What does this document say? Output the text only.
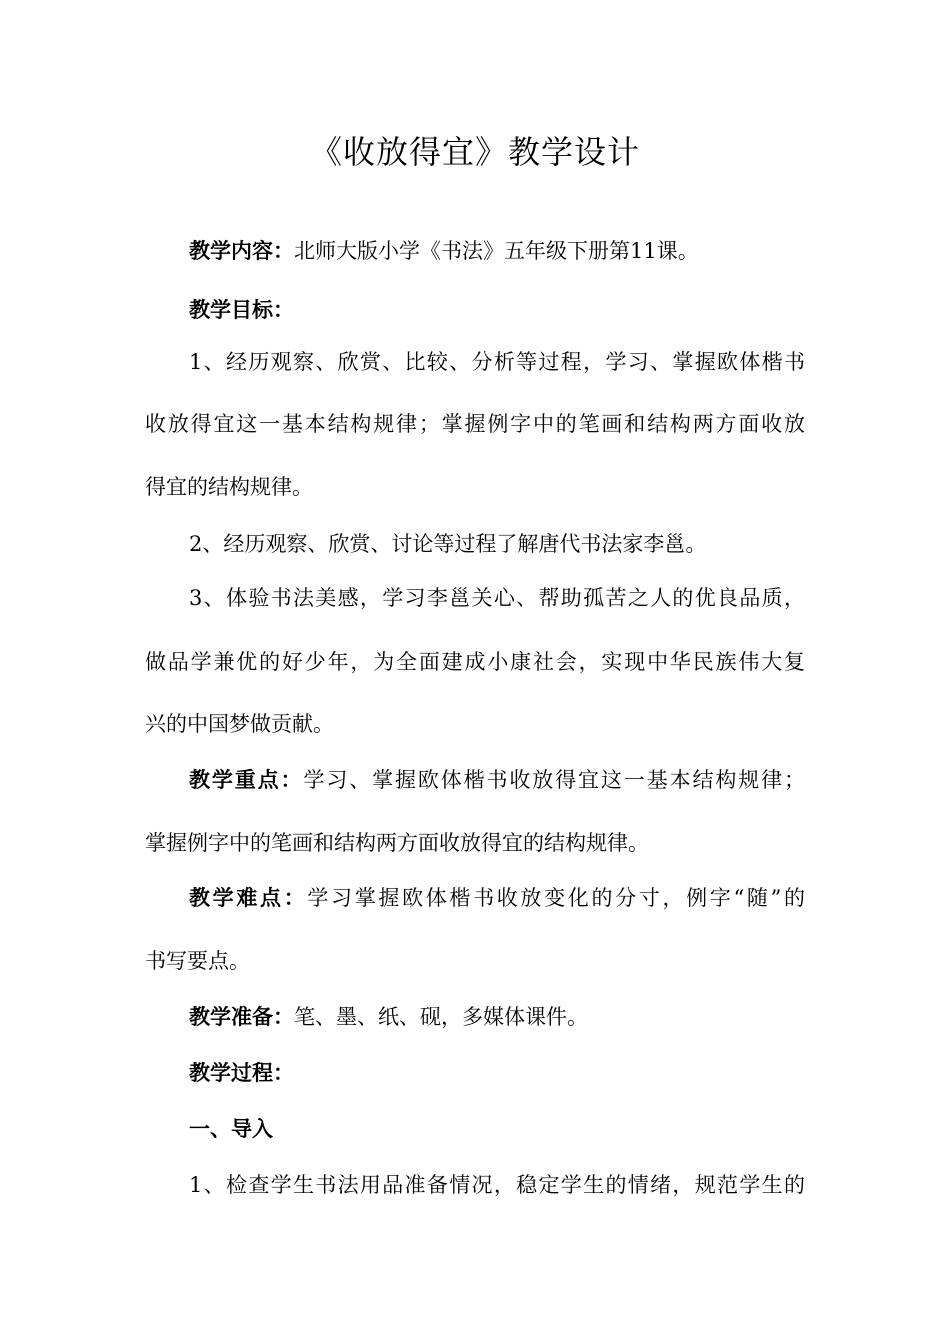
《收放得宜》教学设计
教学内容：北师大版小学《书法》五年级下册第11课。
教学目标：
1、经历观察、欣赏、比较、分析等过程，学习、掌握欧体楷书
收放得宜这一基本结构规律；掌握例字中的笔画和结构两方面收放
得宜的结构规律。
2、经历观察、欣赏、讨论等过程了解唐代书法家李邕。
3、体验书法美感，学习李邕关心、帮助孤苦之人的优良品质，
做品学兼优的好少年，为全面建成小康社会，实现中华民族伟大复
兴的中国梦做贡献。
教学重点：学习、掌握欧体楷书收放得宜这一基本结构规律；
掌握例字中的笔画和结构两方面收放得宜的结构规律。
教学难点：学习掌握欧体楷书收放变化的分寸，例字“随”的
书写要点。
教学准备：笔、墨、纸、砚，多媒体课件。
教学过程：
一、导入
1、检查学生书法用品准备情况，稳定学生的情绪，规范学生的
